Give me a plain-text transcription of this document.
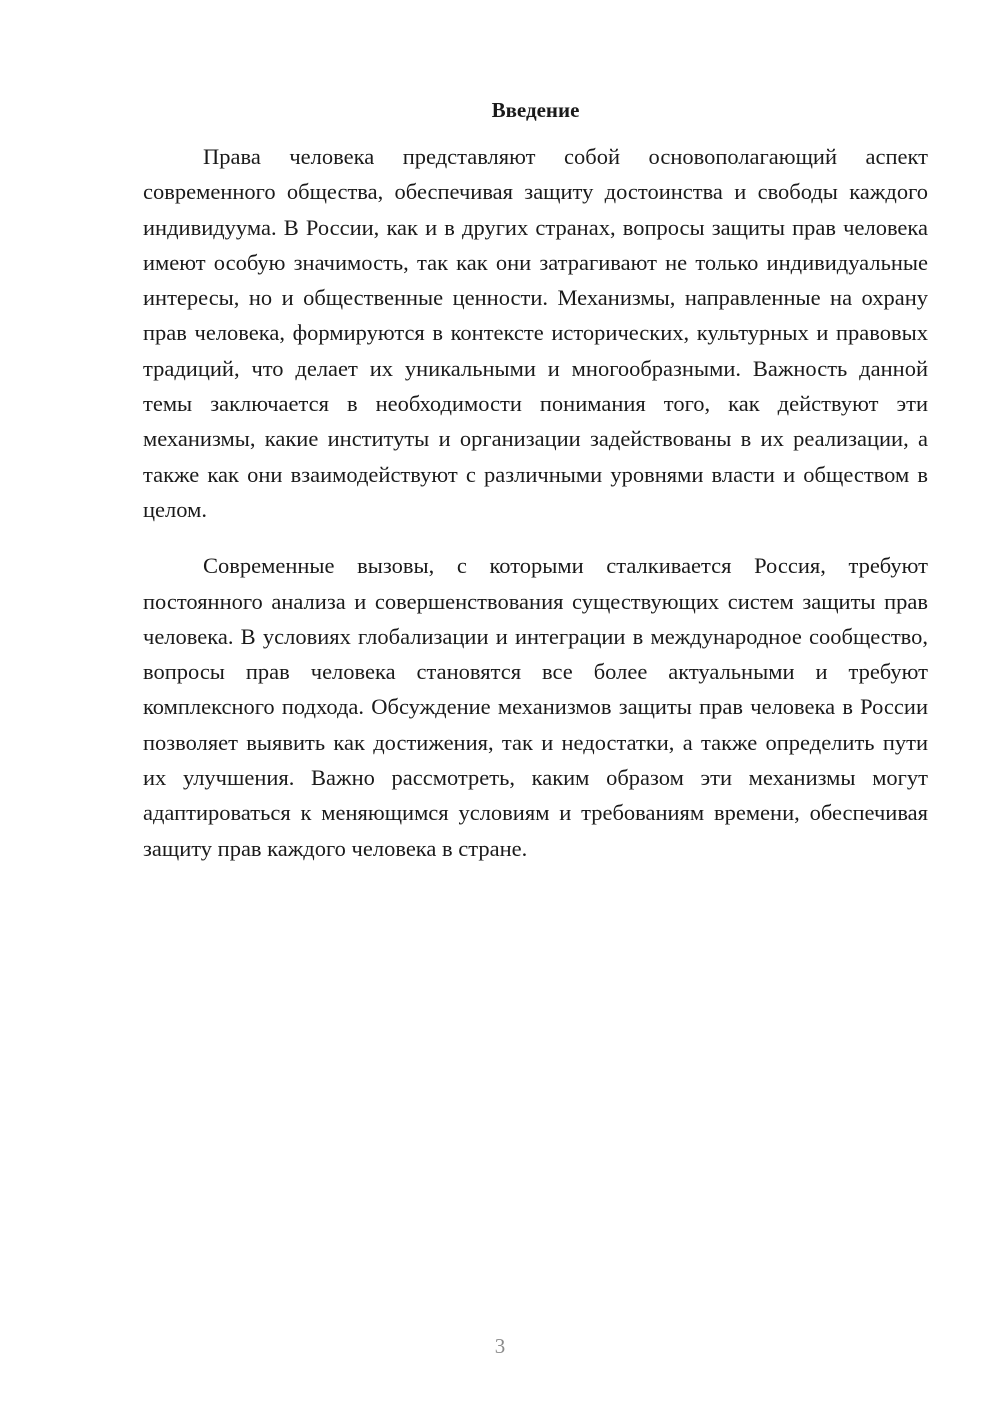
Введение

Права человека представляют собой основополагающий аспект современного общества, обеспечивая защиту достоинства и свободы каждого индивидуума. В России, как и в других странах, вопросы защиты прав человека имеют особую значимость, так как они затрагивают не только индивидуальные интересы, но и общественные ценности. Механизмы, направленные на охрану прав человека, формируются в контексте исторических, культурных и правовых традиций, что делает их уникальными и многообразными. Важность данной темы заключается в необходимости понимания того, как действуют эти механизмы, какие институты и организации задействованы в их реализации, а также как они взаимодействуют с различными уровнями власти и обществом в целом.

Современные вызовы, с которыми сталкивается Россия, требуют постоянного анализа и совершенствования существующих систем защиты прав человека. В условиях глобализации и интеграции в международное сообщество, вопросы прав человека становятся все более актуальными и требуют комплексного подхода. Обсуждение механизмов защиты прав человека в России позволяет выявить как достижения, так и недостатки, а также определить пути их улучшения. Важно рассмотреть, каким образом эти механизмы могут адаптироваться к меняющимся условиям и требованиям времени, обеспечивая защиту прав каждого человека в стране.

3
